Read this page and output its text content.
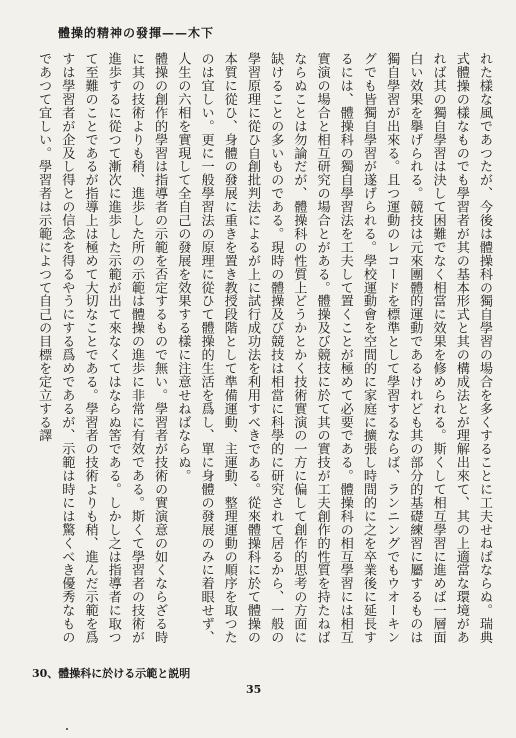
體操的精神の發揮——木下
れた樣な風であつたが、今後は體操科の獨自學習の場合を多くすることに工夫せねばならぬ。瑞典式體操の樣なものでも學習者が其の基本形式と其の構成法とが理解出來て、其の上適當な環境があれば其の獨自學習は決して困難でなく相當に效果を修められる。斯くして相互學習に進めば一層面白い效果を擧げられる。競技は元來團體的運動であるけれども其の部分的基礎練習に屬するものは獨自學習が出來る。且つ運動のレコードを標準として學習するならば、ランニングでもウオーキングでも皆獨自學習が遂げられる。學校運動會を空間的に家庭に擴張し時間的に之を卒業後に延長するには、體操科の獨自學習法を工夫して置くことが極めて必要である。體操科の相互學習には相互實演の場合と相互研究の場合とがある。體操及び競技に於て其の實技が工夫創作的性質を持たねばならぬことは勿論だが、體操科の性質上どうかとかく技術實演の一方に偏して創作的思考の方面に缺けることの多いものである。現時の體操及び競技は相當に科學的に研究されて居るから、一般の學習原理に從ひ自創批判法によるが上に試行成功法を利用すべきである。從來體操科に於て體操の本質に從ひ、身體の發展に重きを置き教授段階として準備運動、主運動、整理運動の順序を取つたのは宜しい。更に一般學習法の原理に從ひて體操的生活を爲し、單に身體の發展のみに着眼せず、人生の六相を實現して全自己の發展を效果する樣に注意せねばならぬ。
體操の創作的學習は指導者の示範を否定するもので無い。學習者が技術の實演意の如くならざる時に其の技術よりも稍、進歩した所の示範は體操の進歩に非常に有效である。斯くて學習者の技術が進歩するに從つて漸次に進歩した示範が出て來なくてはならぬ筈である。しかし之は指導者に取つて至難のことであるが指導上は極めて大切なことである。學習者の技術よりも稍、進んだ示範を爲すは學習者が企及し得との信念を得るやうにする爲めであるが、示範は時には驚くべき優秀なものであつて宜しい。學習者は示範によつて自己の目標を定立する譯
30、體操科に於ける示範と説明
35
